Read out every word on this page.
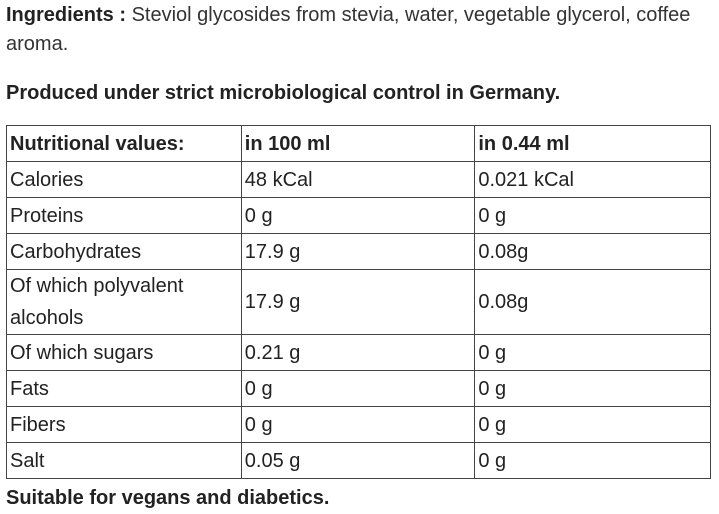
Ingredients : Steviol glycosides from stevia, water, vegetable glycerol, coffee aroma.
Produced under strict microbiological control in Germany.
Nutritional values:	in 100 ml	in 0.44 ml
Calories	48 kCal	0.021 kCal
Proteins	0 g	0 g
Carbohydrates	17.9 g	0.08g
Of which polyvalent alcohols	17.9 g	0.08g
Of which sugars	0.21 g	0 g
Fats	0 g	0 g
Fibers	0 g	0 g
Salt	0.05 g	0 g
Suitable for vegans and diabetics.
